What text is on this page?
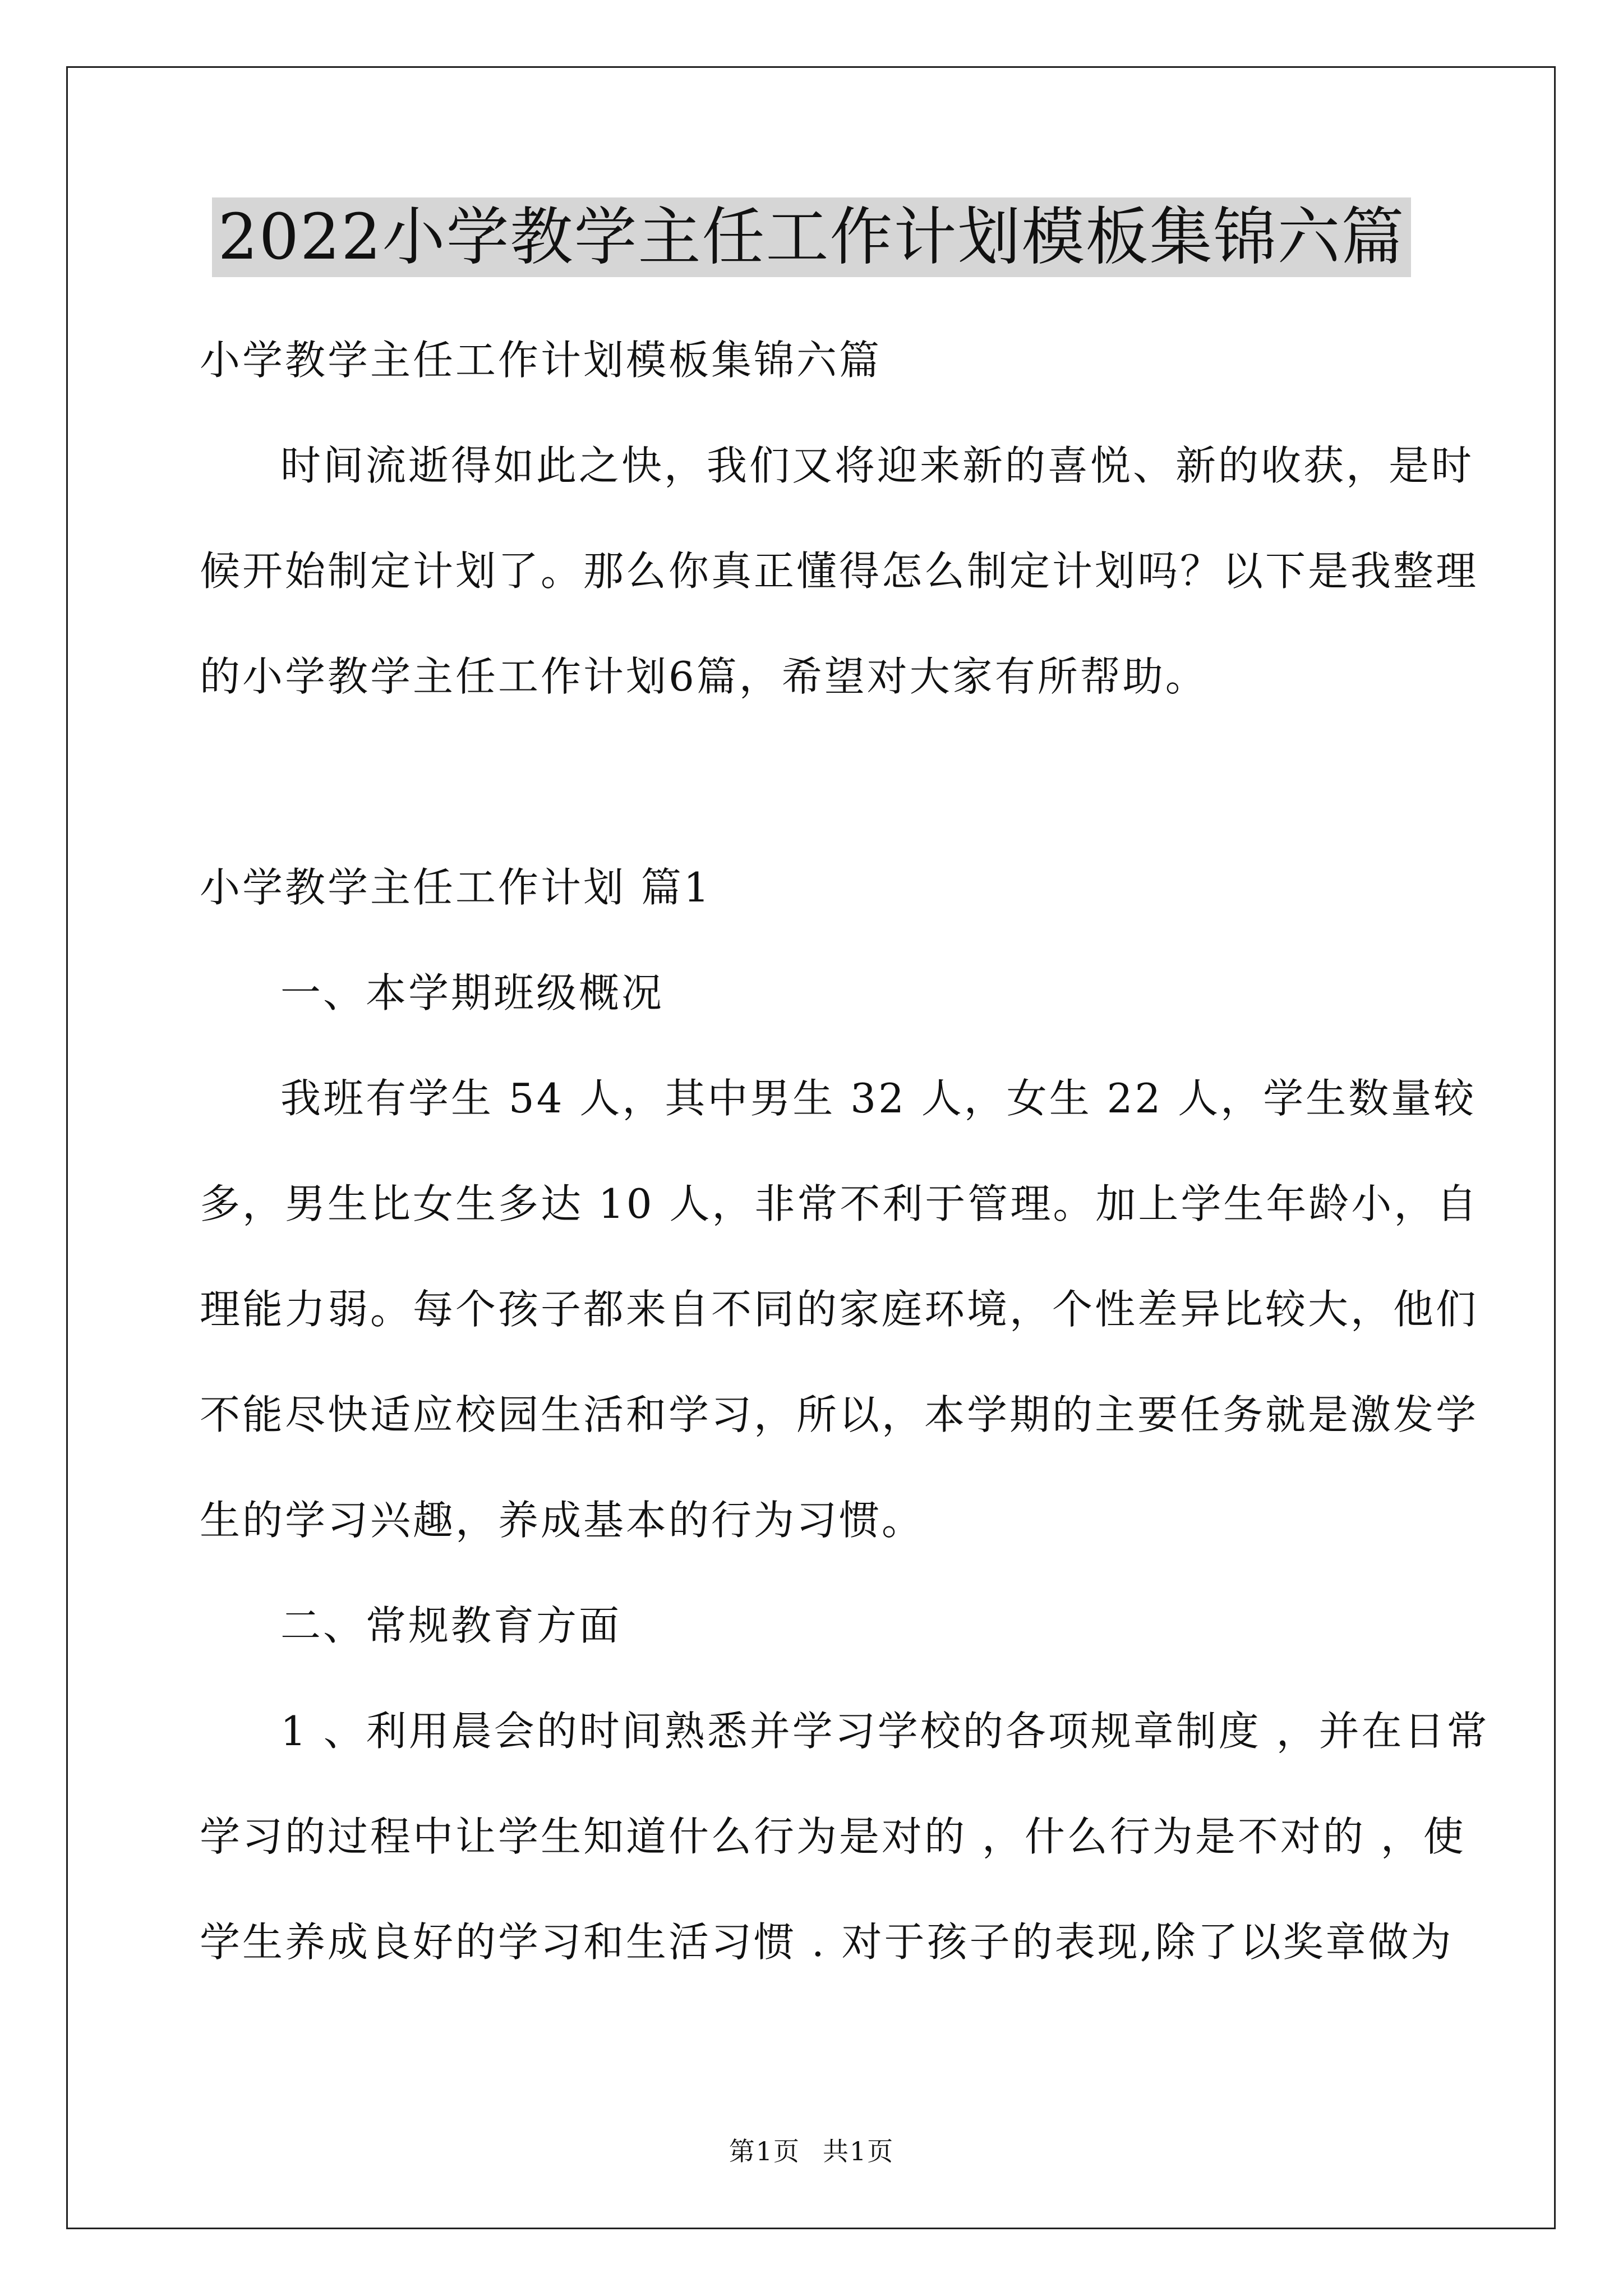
2022小学教学主任工作计划模板集锦六篇
小学教学主任工作计划模板集锦六篇
时间流逝得如此之快，我们又将迎来新的喜悦、新的收获，是时
候开始制定计划了。那么你真正懂得怎么制定计划吗？以下是我整理
的小学教学主任工作计划6篇，希望对大家有所帮助。
小学教学主任工作计划 篇1
一、本学期班级概况
我班有学生 54 人，其中男生 32 人，女生 22 人，学生数量较
多，男生比女生多达 10 人，非常不利于管理。加上学生年龄小，自
理能力弱。每个孩子都来自不同的家庭环境，个性差异比较大，他们
不能尽快适应校园生活和学习，所以，本学期的主要任务就是激发学
生的学习兴趣，养成基本的行为习惯。
二、常规教育方面
1 、利用晨会的时间熟悉并学习学校的各项规章制度 ，并在日常
学习的过程中让学生知道什么行为是对的 ，什么行为是不对的 ，使
学生养成良好的学习和生活习惯 . 对于孩子的表现,除了以奖章做为
第1页 共1页
